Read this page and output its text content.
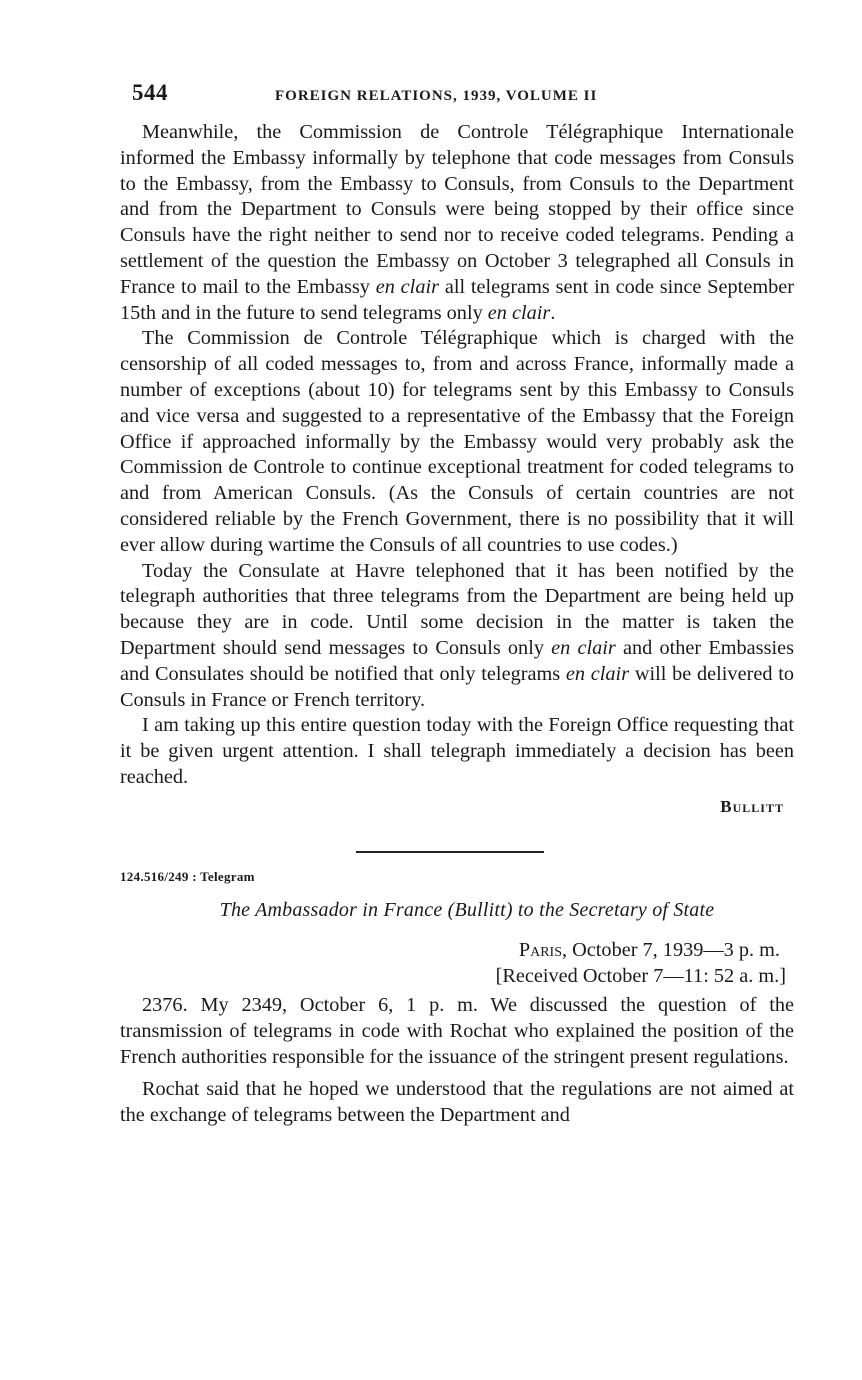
544	FOREIGN RELATIONS, 1939, VOLUME II

Meanwhile, the Commission de Controle Télégraphique Internationale informed the Embassy informally by telephone that code messages from Consuls to the Embassy, from the Embassy to Consuls, from Consuls to the Department and from the Department to Consuls were being stopped by their office since Consuls have the right neither to send nor to receive coded telegrams. Pending a settlement of the question the Embassy on October 3 telegraphed all Consuls in France to mail to the Embassy en clair all telegrams sent in code since September 15th and in the future to send telegrams only en clair.

The Commission de Controle Télégraphique which is charged with the censorship of all coded messages to, from and across France, informally made a number of exceptions (about 10) for telegrams sent by this Embassy to Consuls and vice versa and suggested to a representative of the Embassy that the Foreign Office if approached informally by the Embassy would very probably ask the Commission de Controle to continue exceptional treatment for coded telegrams to and from American Consuls. (As the Consuls of certain countries are not considered reliable by the French Government, there is no possibility that it will ever allow during wartime the Consuls of all countries to use codes.)

Today the Consulate at Havre telephoned that it has been notified by the telegraph authorities that three telegrams from the Department are being held up because they are in code. Until some decision in the matter is taken the Department should send messages to Consuls only en clair and other Embassies and Consulates should be notified that only telegrams en clair will be delivered to Consuls in France or French territory.

I am taking up this entire question today with the Foreign Office requesting that it be given urgent attention. I shall telegraph immediately a decision has been reached.

Bullitt
124.516/249 : Telegram
The Ambassador in France (Bullitt) to the Secretary of State
Paris, October 7, 1939—3 p. m.
[Received October 7—11: 52 a. m.]

2376. My 2349, October 6, 1 p. m. We discussed the question of the transmission of telegrams in code with Rochat who explained the position of the French authorities responsible for the issuance of the stringent present regulations.

Rochat said that he hoped we understood that the regulations are not aimed at the exchange of telegrams between the Department and
